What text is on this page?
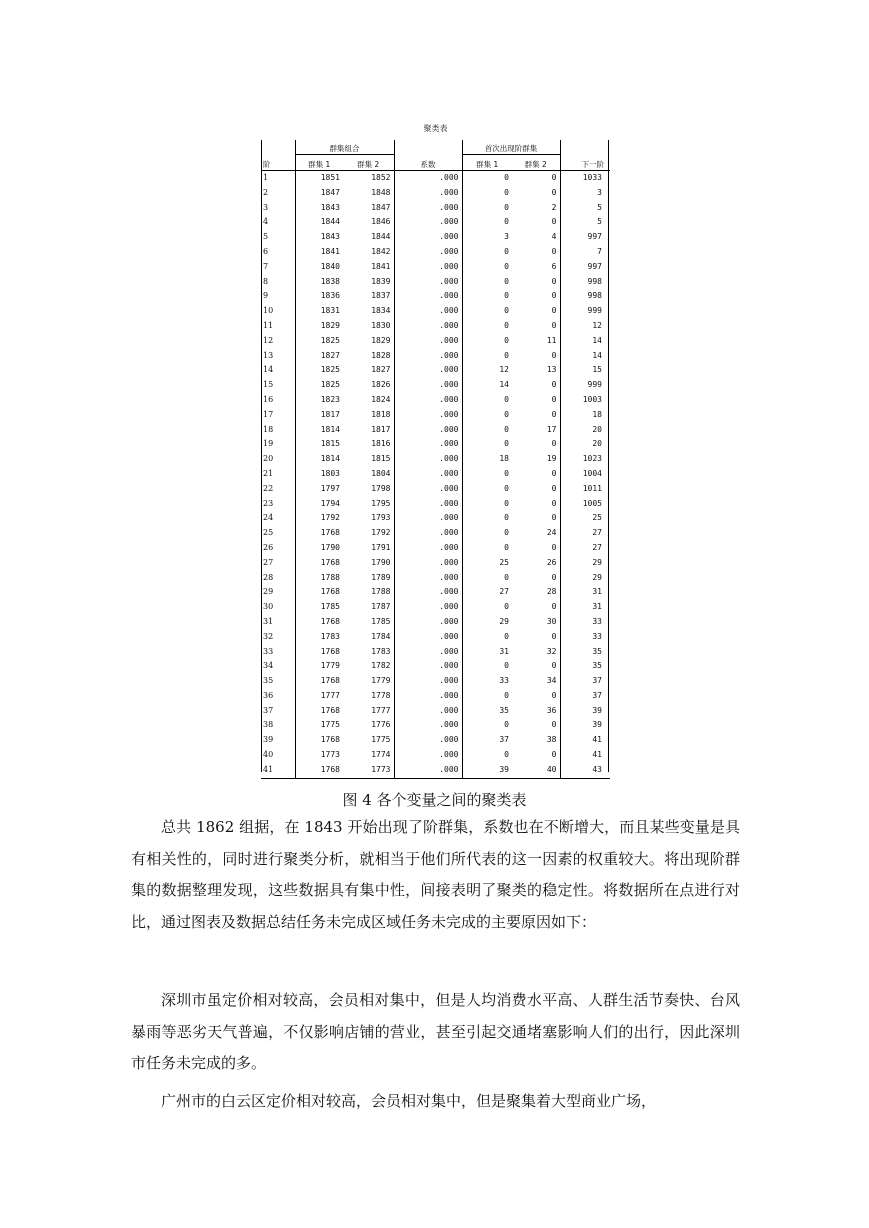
聚类表
阶	群集组合		系数	首次出现阶群集		下一阶
	群集 1	群集 2		群集 1	群集 2	
1	1851	1852	.000	0	0	1033
2	1847	1848	.000	0	0	3
3	1843	1847	.000	0	2	5
4	1844	1846	.000	0	0	5
5	1843	1844	.000	3	4	997
6	1841	1842	.000	0	0	7
7	1840	1841	.000	0	6	997
8	1838	1839	.000	0	0	998
9	1836	1837	.000	0	0	998
10	1831	1834	.000	0	0	999
11	1829	1830	.000	0	0	12
12	1825	1829	.000	0	11	14
13	1827	1828	.000	0	0	14
14	1825	1827	.000	12	13	15
15	1825	1826	.000	14	0	999
16	1823	1824	.000	0	0	1003
17	1817	1818	.000	0	0	18
18	1814	1817	.000	0	17	20
19	1815	1816	.000	0	0	20
20	1814	1815	.000	18	19	1023
21	1803	1804	.000	0	0	1004
22	1797	1798	.000	0	0	1011
23	1794	1795	.000	0	0	1005
24	1792	1793	.000	0	0	25
25	1768	1792	.000	0	24	27
26	1790	1791	.000	0	0	27
27	1768	1790	.000	25	26	29
28	1788	1789	.000	0	0	29
29	1768	1788	.000	27	28	31
30	1785	1787	.000	0	0	31
31	1768	1785	.000	29	30	33
32	1783	1784	.000	0	0	33
33	1768	1783	.000	31	32	35
34	1779	1782	.000	0	0	35
35	1768	1779	.000	33	34	37
36	1777	1778	.000	0	0	37
37	1768	1777	.000	35	36	39
38	1775	1776	.000	0	0	39
39	1768	1775	.000	37	38	41
40	1773	1774	.000	0	0	41
41	1768	1773	.000	39	40	43
图 4 各个变量之间的聚类表

总共 1862 组据，在 1843 开始出现了阶群集，系数也在不断增大，而且某些变量是具有相关性的，同时进行聚类分析，就相当于他们所代表的这一因素的权重较大。将出现阶群集的数据整理发现，这些数据具有集中性，间接表明了聚类的稳定性。将数据所在点进行对比，通过图表及数据总结任务未完成区域任务未完成的主要原因如下：

深圳市虽定价相对较高，会员相对集中，但是人均消费水平高、人群生活节奏快、台风暴雨等恶劣天气普遍，不仅影响店铺的营业，甚至引起交通堵塞影响人们的出行，因此深圳市任务未完成的多。

广州市的白云区定价相对较高，会员相对集中，但是聚集着大型商业广场，
